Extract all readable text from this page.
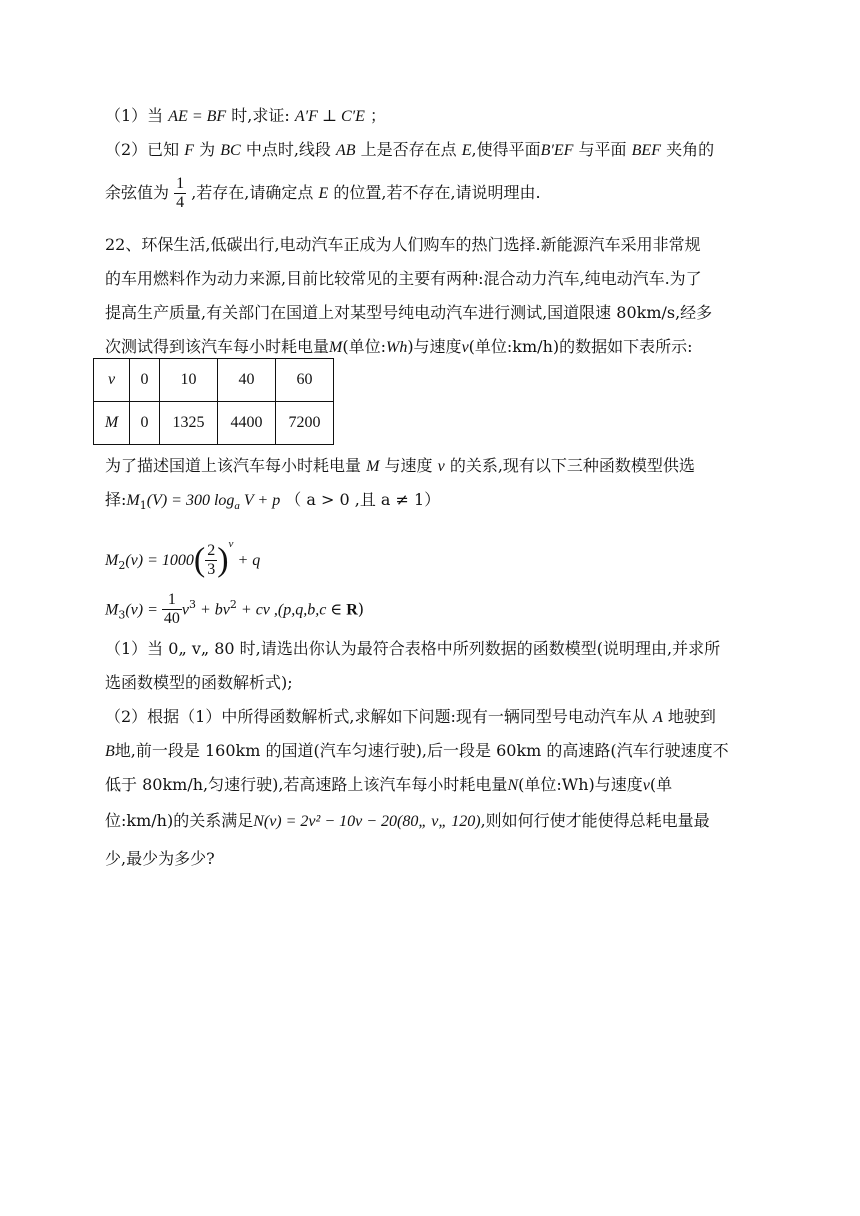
（1）当 AE = BF 时,求证: A′F ⊥ C′E ；
（2）已知 F 为 BC 中点时,线段 AB 上是否存在点 E,使得平面B′EF 与平面 BEF 夹角的
余弦值为 $\frac{1}{4}$ ,若存在,请确定点 E 的位置,若不存在,请说明理由.
22、环保生活,低碳出行,电动汽车正成为人们购车的热门选择.新能源汽车采用非常规
的车用燃料作为动力来源,目前比较常见的主要有两种:混合动力汽车,纯电动汽车.为了
提高生产质量,有关部门在国道上对某型号纯电动汽车进行测试,国道限速 80km/s,经多
次测试得到该汽车每小时耗电量M(单位:Wh)与速度v(单位:km/h)的数据如下表所示:
v	0	10	40	60
M	0	1325	4400	7200
为了描述国道上该汽车每小时耗电量 M 与速度 v 的关系,现有以下三种函数模型供选
择$:M_1(V) = 300$ $\log_a V + p$ （ a > 0 ,且 a ≠ 1）
$M_2(v) = 1000( \frac{2}{3} )^v + q$
$M_3(v) = \frac{1}{40} v^3 + bv^2$ + cv ,(p,q,b,c ∈ R)
（1）当 0„ v„ 80 时,请选出你认为最符合表格中所列数据的函数模型(说明理由,并求所
选函数模型的函数解析式);
（2）根据（1）中所得函数解析式,求解如下问题:现有一辆同型号电动汽车从 A 地驶到
B地,前一段是 160km 的国道(汽车匀速行驶),后一段是 60km 的高速路(汽车行驶速度不
低于 80km/h,匀速行驶),若高速路上该汽车每小时耗电量N(单位:Wh)与速度v(单
位:km/h)的关系满足N(v) = 2v² − 10v − 20(80„ v„ 120),则如何行使才能使得总耗电量最
少,最少为多少?
